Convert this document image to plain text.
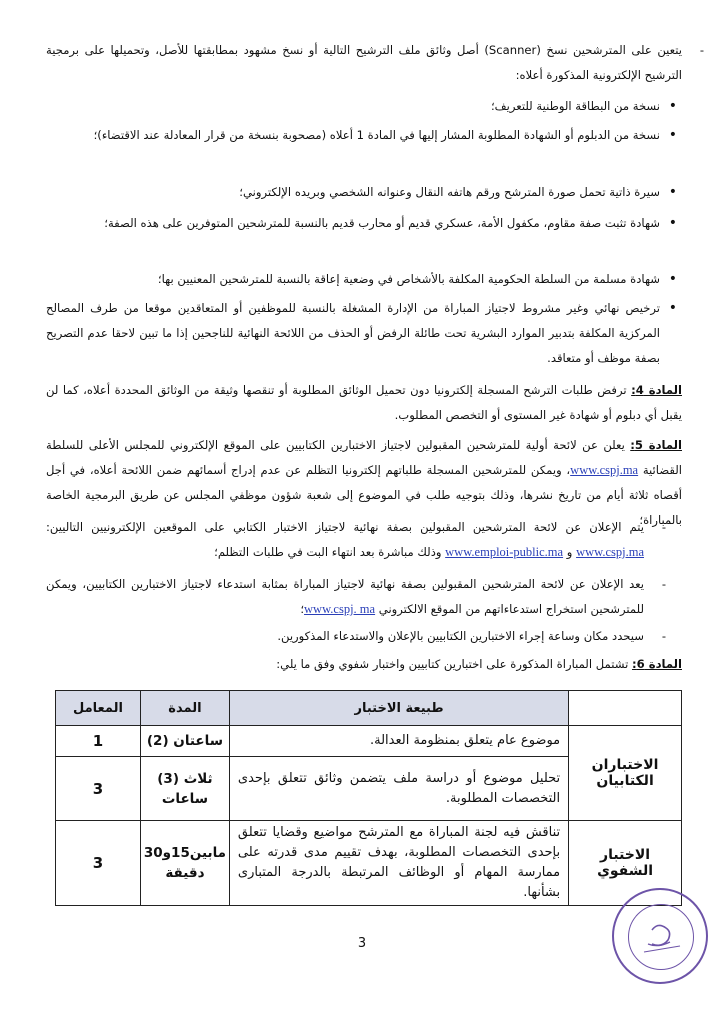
- يتعين على المترشحين نسخ (Scanner) أصل وثائق ملف الترشيح التالية أو نسخ مشهود بمطابقتها للأصل، وتحميلها على برمجية الترشيح الإلكترونية المذكورة أعلاه:
• نسخة من البطاقة الوطنية للتعريف؛
• نسخة من الدبلوم أو الشهادة المطلوبة المشار إليها في المادة 1 أعلاه (مصحوبة بنسخة من قرار المعادلة عند الاقتضاء)؛
• سيرة ذاتية تحمل صورة المترشح ورقم هاتفه النقال وعنوانه الشخصي وبريده الإلكتروني؛
• شهادة تثبت صفة مقاوم، مكفول الأمة، عسكري قديم أو محارب قديم بالنسبة للمترشحين المتوفرين على هذه الصفة؛
• شهادة مسلمة من السلطة الحكومية المكلفة بالأشخاص في وضعية إعاقة بالنسبة للمترشحين المعنيين بها؛
• ترخيص نهائي وغير مشروط لاجتياز المباراة من الإدارة المشغلة بالنسبة للموظفين أو المتعاقدين موقعا من طرف المصالح المركزية المكلفة بتدبير الموارد البشرية تحت طائلة الرفض أو الحذف من اللائحة النهائية للناجحين إذا ما تبين لاحقا عدم التصريح بصفة موظف أو متعاقد.
المادة 4: ترفض طلبات الترشح المسجلة إلكترونيا دون تحميل الوثائق المطلوبة أو تنقصها وثيقة من الوثائق المحددة أعلاه، كما لن يقبل أي دبلوم أو شهادة غير المستوى أو التخصص المطلوب.
المادة 5: يعلن عن لائحة أولية للمترشحين المقبولين لاجتياز الاختبارين الكتابيين على الموقع الإلكتروني للمجلس الأعلى للسلطة القضائية www.cspj.ma، ويمكن للمترشحين المسجلة طلباتهم إلكترونيا التظلم عن عدم إدراج أسمائهم ضمن اللائحة أعلاه، في أجل أقصاه ثلاثة أيام من تاريخ نشرها، وذلك بتوجيه طلب في الموضوع إلى شعبة شؤون موظفي المجلس عن طريق البرمجية الخاصة بالمباراة؛
- يتم الإعلان عن لائحة المترشحين المقبولين بصفة نهائية لاجتياز الاختبار الكتابي على الموقعين الإلكترونيين التاليين: www.cspj.ma و www.emploi-public.ma وذلك مباشرة بعد انتهاء البت في طلبات التظلم؛
- يعد الإعلان عن لائحة المترشحين المقبولين بصفة نهائية لاجتياز المباراة بمثابة استدعاء لاجتياز الاختبارين الكتابيين، ويمكن للمترشحين استخراج استدعاءاتهم من الموقع الالكتروني www.cspj. ma؛
- سيحدد مكان وساعة إجراء الاختبارين الكتابيين بالإعلان والاستدعاء المذكورين.
المادة 6: تشتمل المباراة المذكورة على اختبارين كتابيين واختبار شفوي وفق ما يلي:
	طبيعة الاختبار	المدة	المعامل
الاختباران الكتابيان	موضوع عام يتعلق بمنظومة العدالة.	ساعتان (2)	1
	تحليل موضوع أو دراسة ملف يتضمن وثائق تتعلق بإحدى التخصصات المطلوبة.	ثلاث (3) ساعات	3
الاختبار الشفوي	تناقش فيه لجنة المباراة مع المترشح مواضيع وقضايا تتعلق بإحدى التخصصات المطلوبة، بهدف تقييم مدى قدرته على ممارسة المهام أو الوظائف المرتبطة بالدرجة المتبارى بشأنها.	مابين15و30 دقيقة	3
3
